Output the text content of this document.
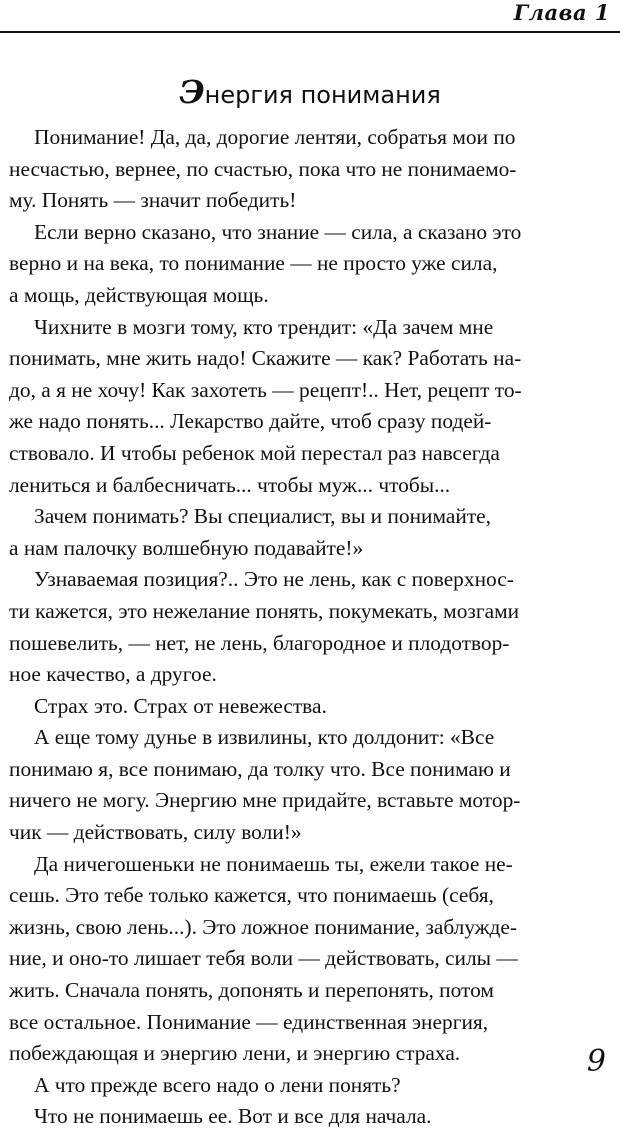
Глава 1
Энергия понимания
Понимание! Да, да, дорогие лентяи, собратья мои по
несчастью, вернее, по счастью, пока что не понимаемо-
му. Понять — значит победить!
Если верно сказано, что знание — сила, а сказано это
верно и на века, то понимание — не просто уже сила,
а мощь, действующая мощь.
Чихните в мозги тому, кто трендит: «Да зачем мне
понимать, мне жить надо! Скажите — как? Работать на-
до, а я не хочу! Как захотеть — рецепт!.. Нет, рецепт то-
же надо понять... Лекарство дайте, чтоб сразу подей-
ствовало. И чтобы ребенок мой перестал раз навсегда
лениться и балбесничать... чтобы муж... чтобы...
Зачем понимать? Вы специалист, вы и понимайте,
а нам палочку волшебную подавайте!»
Узнаваемая позиция?.. Это не лень, как с поверхнос-
ти кажется, это нежелание понять, покумекать, мозгами
пошевелить, — нет, не лень, благородное и плодотвор-
ное качество, а другое.
Страх это. Страх от невежества.
А еще тому дунье в извилины, кто долдонит: «Все
понимаю я, все понимаю, да толку что. Все понимаю и
ничего не могу. Энергию мне придайте, вставьте мотор-
чик — действовать, силу воли!»
Да ничегошеньки не понимаешь ты, ежели такое не-
сешь. Это тебе только кажется, что понимаешь (себя,
жизнь, свою лень...). Это ложное понимание, заблужде-
ние, и оно-то лишает тебя воли — действовать, силы —
жить. Сначала понять, допонять и перепонять, потом
все остальное. Понимание — единственная энергия,
побеждающая и энергию лени, и энергию страха.
А что прежде всего надо о лени понять?
Что не понимаешь ее. Вот и все для начала.
9
